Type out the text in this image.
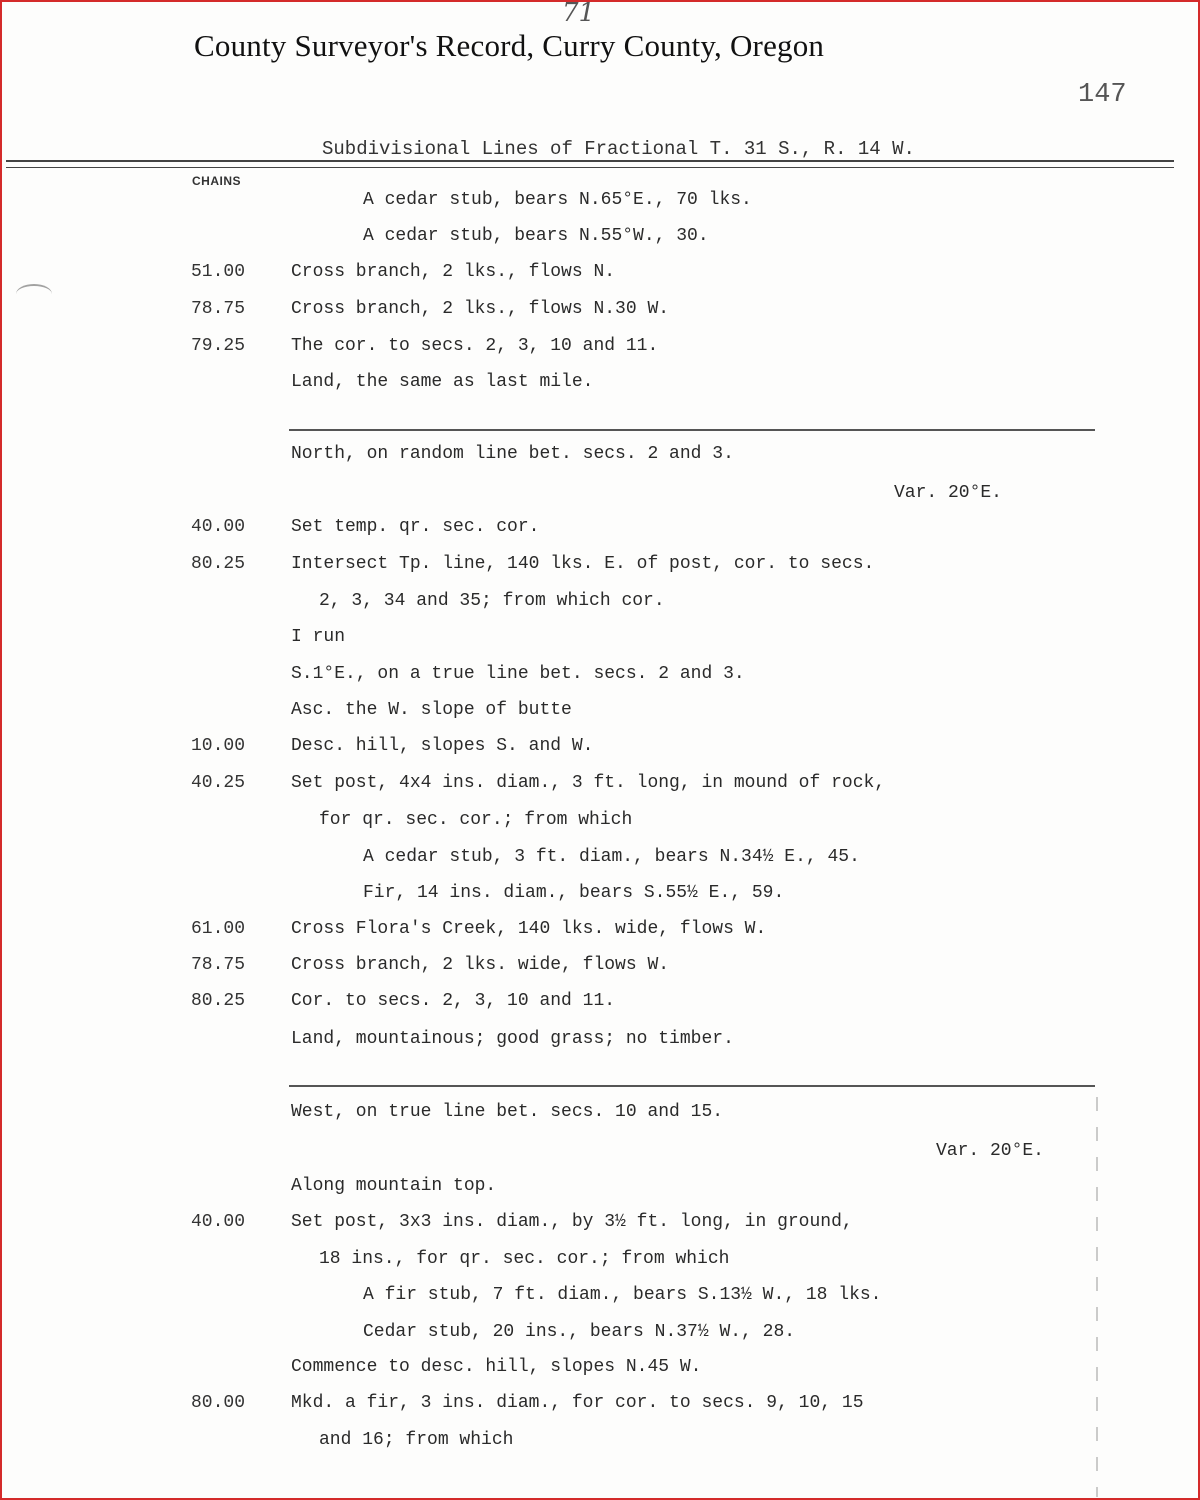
71
County Surveyor's Record, Curry County, Oregon
147
Subdivisional Lines of Fractional T. 31 S., R. 14 W.
CHAINS
A cedar stub, bears N.65°E., 70 lks.
A cedar stub, bears N.55°W., 30.
51.00	Cross branch, 2 lks., flows N.
78.75	Cross branch, 2 lks., flows N.30 W.
79.25	The cor. to secs. 2, 3, 10 and 11.
Land, the same as last mile.
North, on random line bet. secs. 2 and 3.
Var. 20°E.
40.00	Set temp. qr. sec. cor.
80.25	Intersect Tp. line, 140 lks. E. of post, cor. to secs.
2, 3, 34 and 35; from which cor.
I run
S.1°E., on a true line bet. secs. 2 and 3.
Asc. the W. slope of butte
10.00	Desc. hill, slopes S. and W.
40.25	Set post, 4x4 ins. diam., 3 ft. long, in mound of rock,
for qr. sec. cor.; from which
A cedar stub, 3 ft. diam., bears N.34½ E., 45.
Fir, 14 ins. diam., bears S.55½ E., 59.
61.00	Cross Flora's Creek, 140 lks. wide, flows W.
78.75	Cross branch, 2 lks. wide, flows W.
80.25	Cor. to secs. 2, 3, 10 and 11.
Land, mountainous; good grass; no timber.
West, on true line bet. secs. 10 and 15.
Var. 20°E.
Along mountain top.
40.00	Set post, 3x3 ins. diam., by 3½ ft. long, in ground,
18 ins., for qr. sec. cor.; from which
A fir stub, 7 ft. diam., bears S.13½ W., 18 lks.
Cedar stub, 20 ins., bears N.37½ W., 28.
Commence to desc. hill, slopes N.45 W.
80.00	Mkd. a fir, 3 ins. diam., for cor. to secs. 9, 10, 15
and 16; from which
